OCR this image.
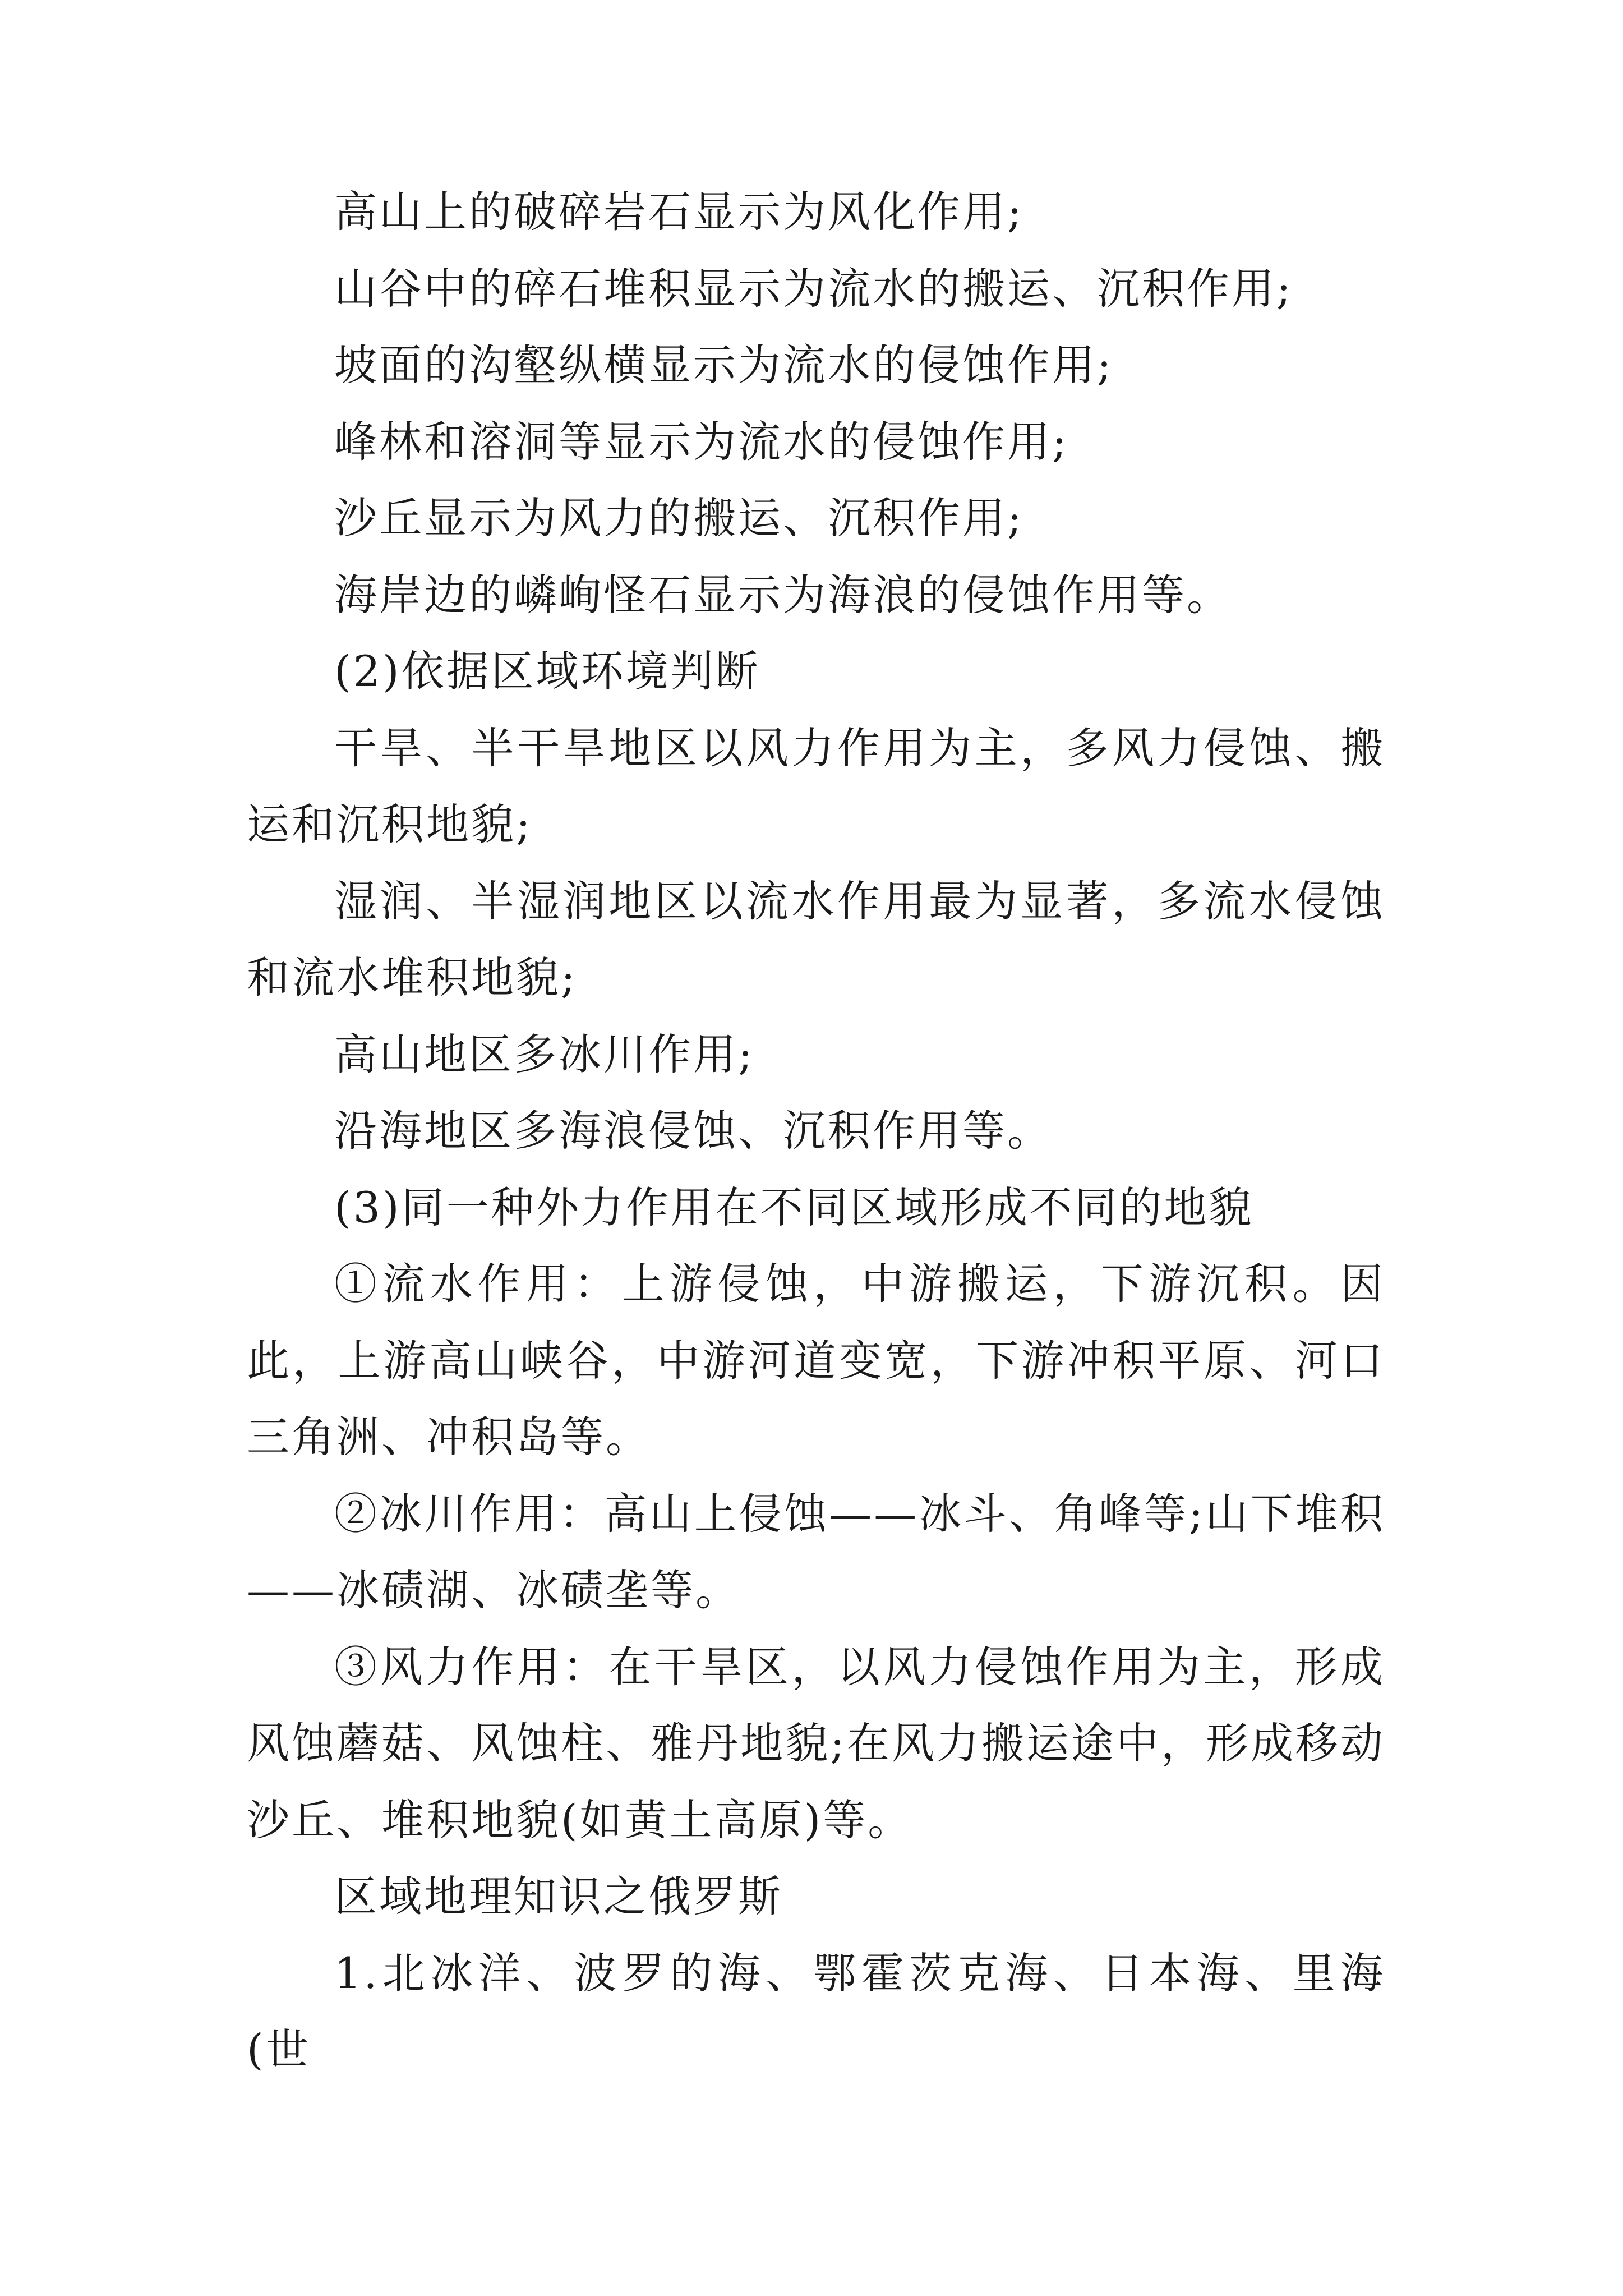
高山上的破碎岩石显示为风化作用;

山谷中的碎石堆积显示为流水的搬运、沉积作用;

坡面的沟壑纵横显示为流水的侵蚀作用;

峰林和溶洞等显示为流水的侵蚀作用;

沙丘显示为风力的搬运、沉积作用;

海岸边的嶙峋怪石显示为海浪的侵蚀作用等。

(2)依据区域环境判断

干旱、半干旱地区以风力作用为主，多风力侵蚀、搬运和沉积地貌;

湿润、半湿润地区以流水作用最为显著，多流水侵蚀和流水堆积地貌;

高山地区多冰川作用;

沿海地区多海浪侵蚀、沉积作用等。

(3)同一种外力作用在不同区域形成不同的地貌

①流水作用：上游侵蚀，中游搬运，下游沉积。因此，上游高山峡谷，中游河道变宽，下游冲积平原、河口三角洲、冲积岛等。

②冰川作用：高山上侵蚀——冰斗、角峰等;山下堆积——冰碛湖、冰碛垄等。

③风力作用：在干旱区，以风力侵蚀作用为主，形成风蚀蘑菇、风蚀柱、雅丹地貌;在风力搬运途中，形成移动沙丘、堆积地貌(如黄土高原)等。

区域地理知识之俄罗斯

1.北冰洋、波罗的海、鄂霍茨克海、日本海、里海(世
